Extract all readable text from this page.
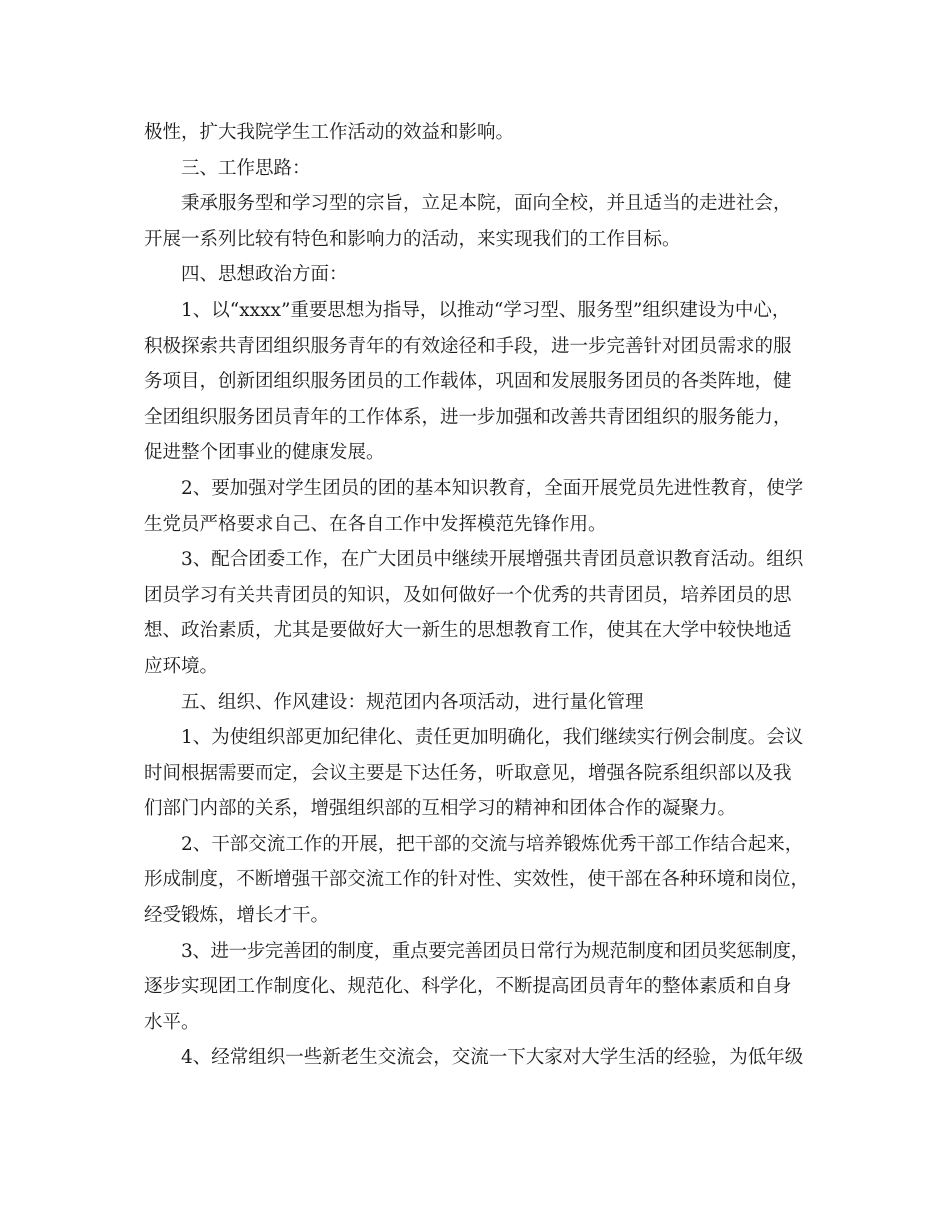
极性，扩大我院学生工作活动的效益和影响。
三、工作思路：
秉承服务型和学习型的宗旨，立足本院，面向全校，并且适当的走进社会，
开展一系列比较有特色和影响力的活动，来实现我们的工作目标。
四、思想政治方面：
1、以“xxxx”重要思想为指导，以推动“学习型、服务型”组织建设为中心，
积极探索共青团组织服务青年的有效途径和手段，进一步完善针对团员需求的服
务项目，创新团组织服务团员的工作载体，巩固和发展服务团员的各类阵地，健
全团组织服务团员青年的工作体系，进一步加强和改善共青团组织的服务能力，
促进整个团事业的健康发展。
2、要加强对学生团员的团的基本知识教育，全面开展党员先进性教育，使学
生党员严格要求自己、在各自工作中发挥模范先锋作用。
3、配合团委工作，在广大团员中继续开展增强共青团员意识教育活动。组织
团员学习有关共青团员的知识，及如何做好一个优秀的共青团员，培养团员的思
想、政治素质，尤其是要做好大一新生的思想教育工作，使其在大学中较快地适
应环境。
五、组织、作风建设：规范团内各项活动，进行量化管理
1、为使组织部更加纪律化、责任更加明确化，我们继续实行例会制度。会议
时间根据需要而定，会议主要是下达任务，听取意见，增强各院系组织部以及我
们部门内部的关系，增强组织部的互相学习的精神和团体合作的凝聚力。
2、干部交流工作的开展，把干部的交流与培养锻炼优秀干部工作结合起来，
形成制度，不断增强干部交流工作的针对性、实效性，使干部在各种环境和岗位，
经受锻炼，增长才干。
3、进一步完善团的制度，重点要完善团员日常行为规范制度和团员奖惩制度，
逐步实现团工作制度化、规范化、科学化，不断提高团员青年的整体素质和自身
水平。
4、经常组织一些新老生交流会，交流一下大家对大学生活的经验，为低年级
